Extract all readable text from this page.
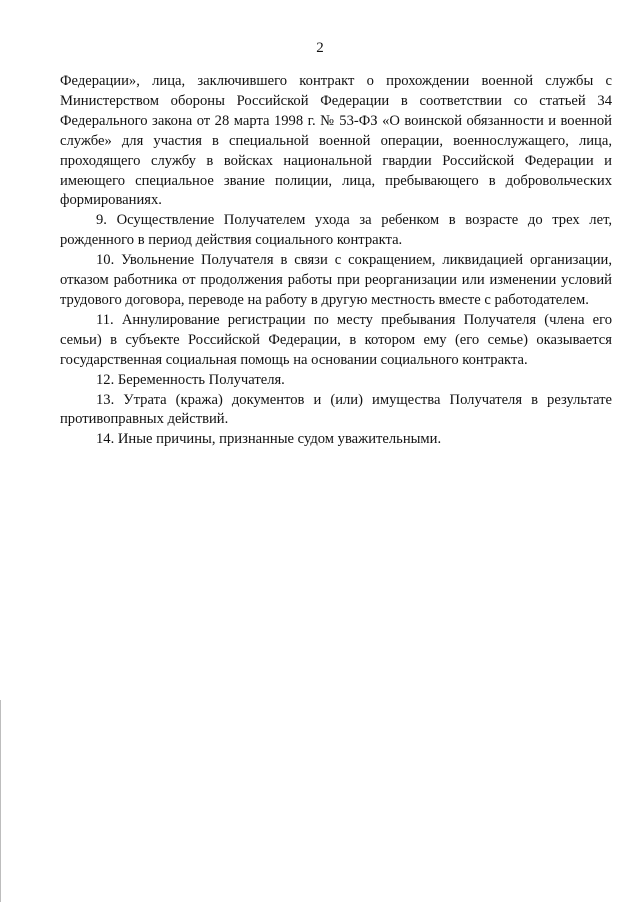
2

Федерации», лица, заключившего контракт о прохождении военной службы с Министерством обороны Российской Федерации в соответствии со статьей 34 Федерального закона от 28 марта 1998 г. № 53-ФЗ «О воинской обязанности и военной службе» для участия в специальной военной операции, военнослужащего, лица, проходящего службу в войсках национальной гвардии Российской Федерации и имеющего специальное звание полиции, лица, пребывающего в добровольческих формированиях.

9. Осуществление Получателем ухода за ребенком в возрасте до трех лет, рожденного в период действия социального контракта.

10. Увольнение Получателя в связи с сокращением, ликвидацией организации, отказом работника от продолжения работы при реорганизации или изменении условий трудового договора, переводе на работу в другую местность вместе с работодателем.

11. Аннулирование регистрации по месту пребывания Получателя (члена его семьи) в субъекте Российской Федерации, в котором ему (его семье) оказывается государственная социальная помощь на основании социального контракта.

12. Беременность Получателя.

13. Утрата (кража) документов и (или) имущества Получателя в результате противоправных действий.

14. Иные причины, признанные судом уважительными.
